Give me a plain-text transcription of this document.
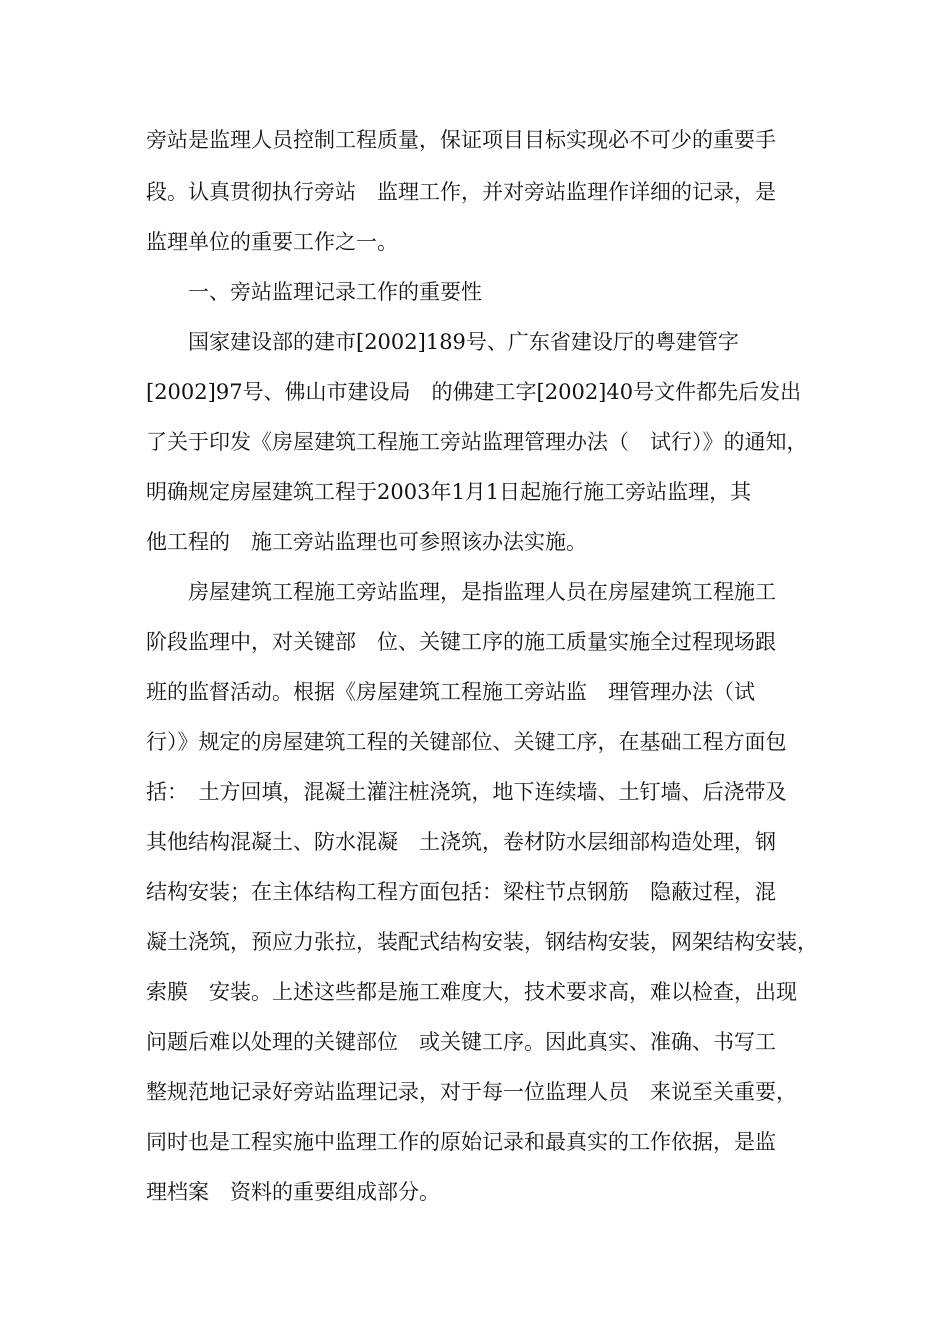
旁站是监理人员控制工程质量，保证项目目标实现必不可少的重要手
段。认真贯彻执行旁站　监理工作，并对旁站监理作详细的记录，是
监理单位的重要工作之一。
　　一、旁站监理记录工作的重要性
　　国家建设部的建市[2002]189号、广东省建设厅的粤建管字
[2002]97号、佛山市建设局　的佛建工字[2002]40号文件都先后发出
了关于印发《房屋建筑工程施工旁站监理管理办法（　试行）》的通知，
明确规定房屋建筑工程于2003年1月1日起施行施工旁站监理，其
他工程的　施工旁站监理也可参照该办法实施。
　　房屋建筑工程施工旁站监理，是指监理人员在房屋建筑工程施工
阶段监理中，对关键部　位、关键工序的施工质量实施全过程现场跟
班的监督活动。根据《房屋建筑工程施工旁站监　理管理办法（试
行）》规定的房屋建筑工程的关键部位、关键工序，在基础工程方面包
括：　土方回填，混凝土灌注桩浇筑，地下连续墙、土钉墙、后浇带及
其他结构混凝土、防水混凝　土浇筑，卷材防水层细部构造处理，钢
结构安装；在主体结构工程方面包括：梁柱节点钢筋　隐蔽过程，混
凝土浇筑，预应力张拉，装配式结构安装，钢结构安装，网架结构安装，
索膜　安装。上述这些都是施工难度大，技术要求高，难以检查，出现
问题后难以处理的关键部位　或关键工序。因此真实、准确、书写工
整规范地记录好旁站监理记录，对于每一位监理人员　来说至关重要，
同时也是工程实施中监理工作的原始记录和最真实的工作依据，是监
理档案　资料的重要组成部分。
